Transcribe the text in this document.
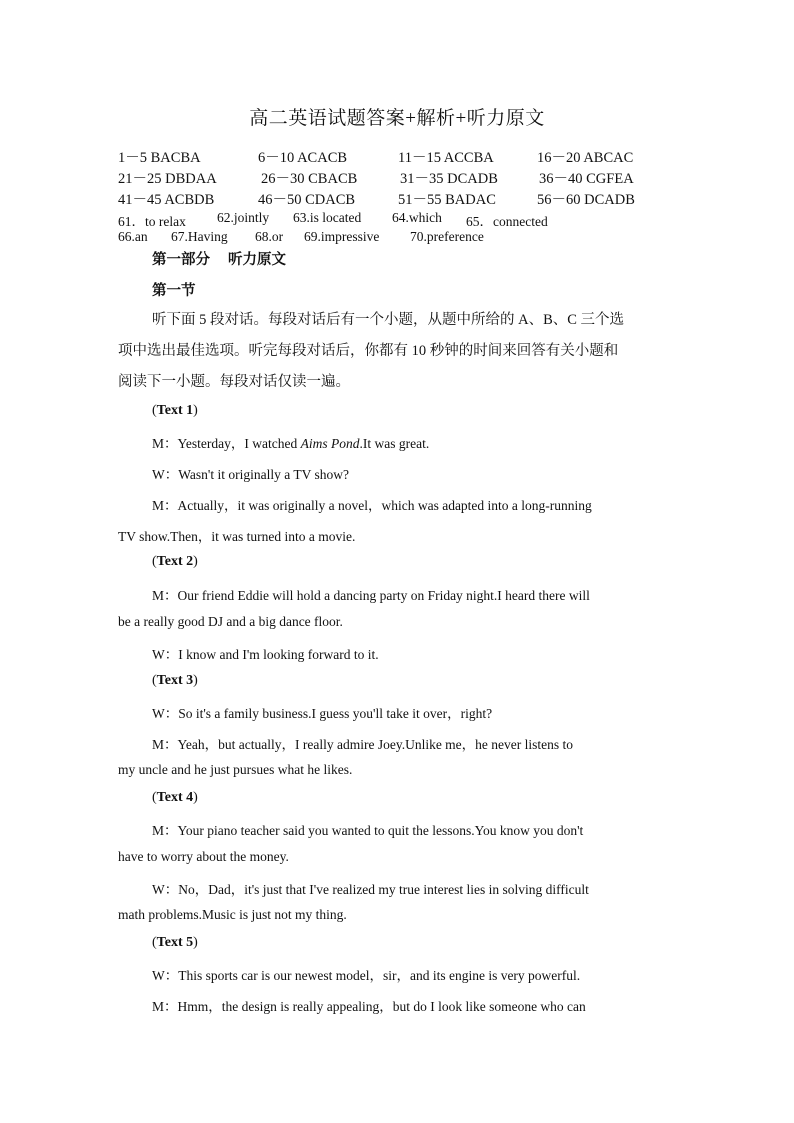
高二英语试题答案+解析+听力原文
1－5 BACBA	6－10 ACACB	11－15 ACCBA	16－20 ABCAC
21－25 DBDAA	26－30 CBACB	31－35 DCADB	36－40 CGFEA
41－45 ACBDB	46－50 CDACB	51－55 BADAC	56－60 DCADB
61．to relax 62.jointly 63.is located 64.which 65．connected
66.an 67.Having 68.or 69.impressive 70.preference
第一部分 听力原文
第一节
听下面 5 段对话。每段对话后有一个小题，从题中所给的 A、B、C 三个选
项中选出最佳选项。听完每段对话后，你都有 10 秒钟的时间来回答有关小题和
阅读下一小题。每段对话仅读一遍。
(Text 1)
M：Yesterday，I watched Aims Pond.It was great.
W：Wasn't it originally a TV show?
M：Actually，it was originally a novel，which was adapted into a long-running
TV show.Then，it was turned into a movie.
(Text 2)
M：Our friend Eddie will hold a dancing party on Friday night.I heard there will
be a really good DJ and a big dance floor.
W：I know and I'm looking forward to it.
(Text 3)
W：So it's a family business.I guess you'll take it over，right?
M：Yeah，but actually，I really admire Joey.Unlike me，he never listens to
my uncle and he just pursues what he likes.
(Text 4)
M：Your piano teacher said you wanted to quit the lessons.You know you don't
have to worry about the money.
W：No，Dad，it's just that I've realized my true interest lies in solving difficult
math problems.Music is just not my thing.
(Text 5)
W：This sports car is our newest model，sir，and its engine is very powerful.
M：Hmm，the design is really appealing，but do I look like someone who can
